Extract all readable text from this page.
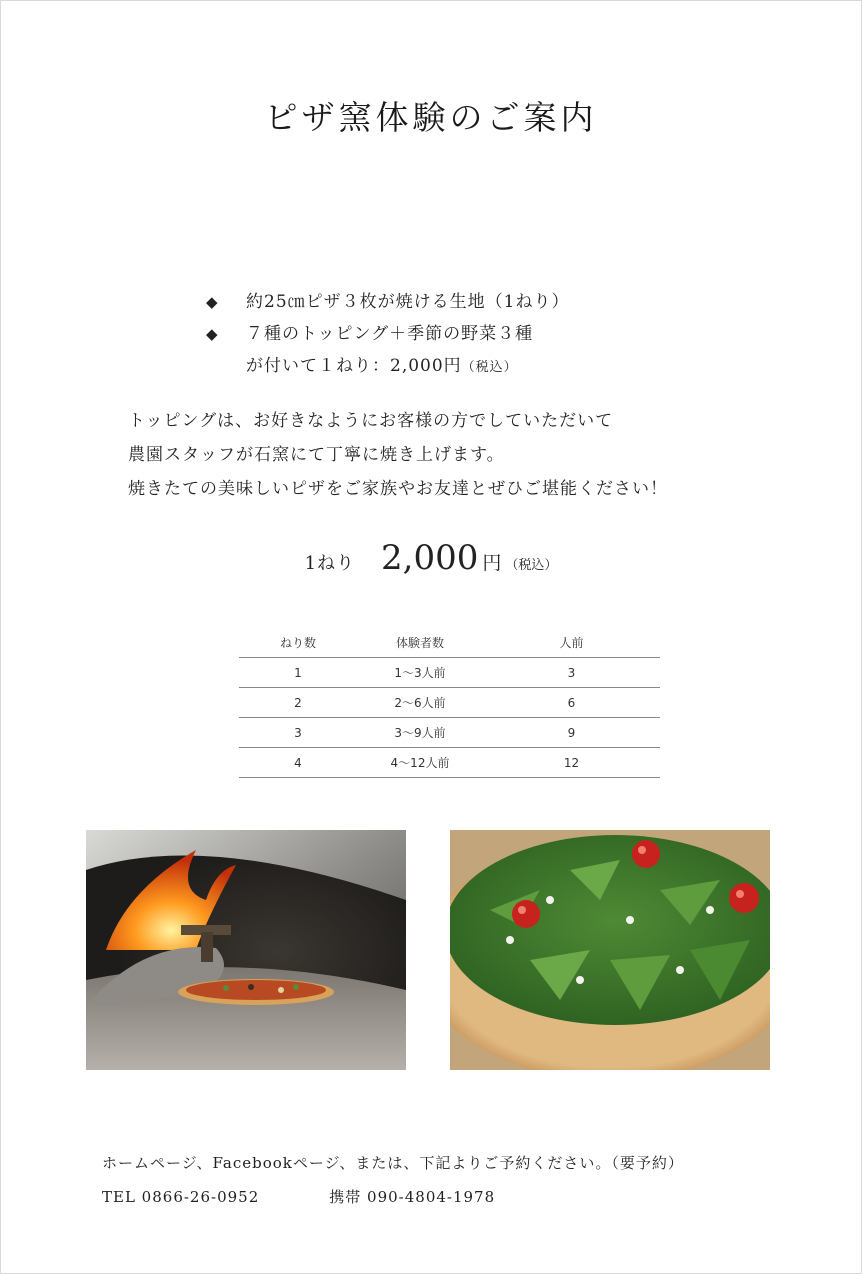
ピザ窯体験のご案内
◆ 約25㎝ピザ３枚が焼ける生地（1ねり）
◆ ７種のトッピング＋季節の野菜３種
が付いて１ねり：2,000円（税込）
トッピングは、お好きなようにお客様の方でしていただいて
農園スタッフが石窯にて丁寧に焼き上げます。
焼きたての美味しいピザをご家族やお友達とぜひご堪能ください！
1ねり 2,000 円 （税込）
ねり数	体験者数	人前
1	1～3人前	3
2	2～6人前	6
3	3～9人前	9
4	4～12人前	12
ホームページ、Facebookページ、または、下記よりご予約ください。（要予約）
TEL 0866-26-0952	携帯 090-4804-1978
